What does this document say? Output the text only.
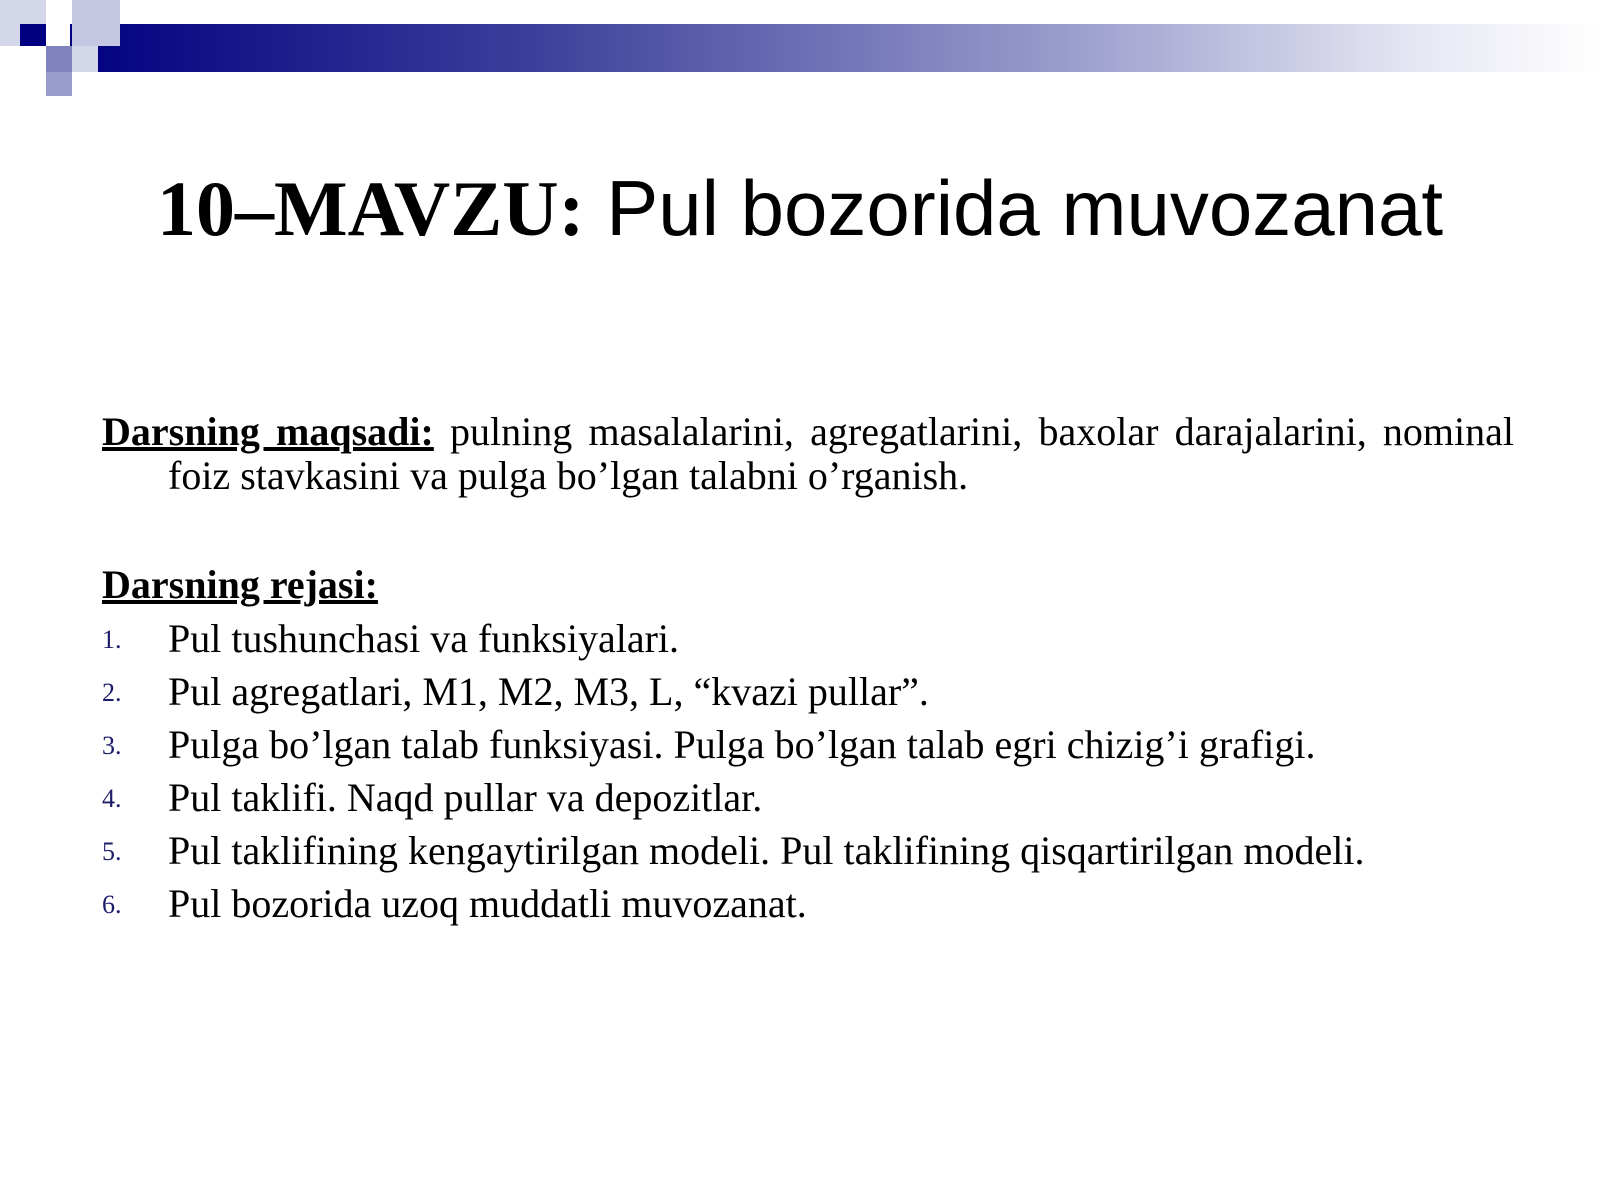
10–MAVZU: Pul bozorida muvozanat
Darsning maqsadi: pulning masalalarini, agregatlarini, baxolar darajalarini, nominal foiz stavkasini va pulga bo’lgan talabni o’rganish.
Darsning rejasi:
1. Pul tushunchasi va funksiyalari.
2. Pul agregatlari, M1, M2, M3, L, “kvazi pullar”.
3. Pulga bo’lgan talab funksiyasi. Pulga bo’lgan talab egri chizig’i grafigi.
4. Pul taklifi. Naqd pullar va depozitlar.
5. Pul taklifining kengaytirilgan modeli. Pul taklifining qisqartirilgan modeli.
6. Pul bozorida uzoq muddatli muvozanat.
